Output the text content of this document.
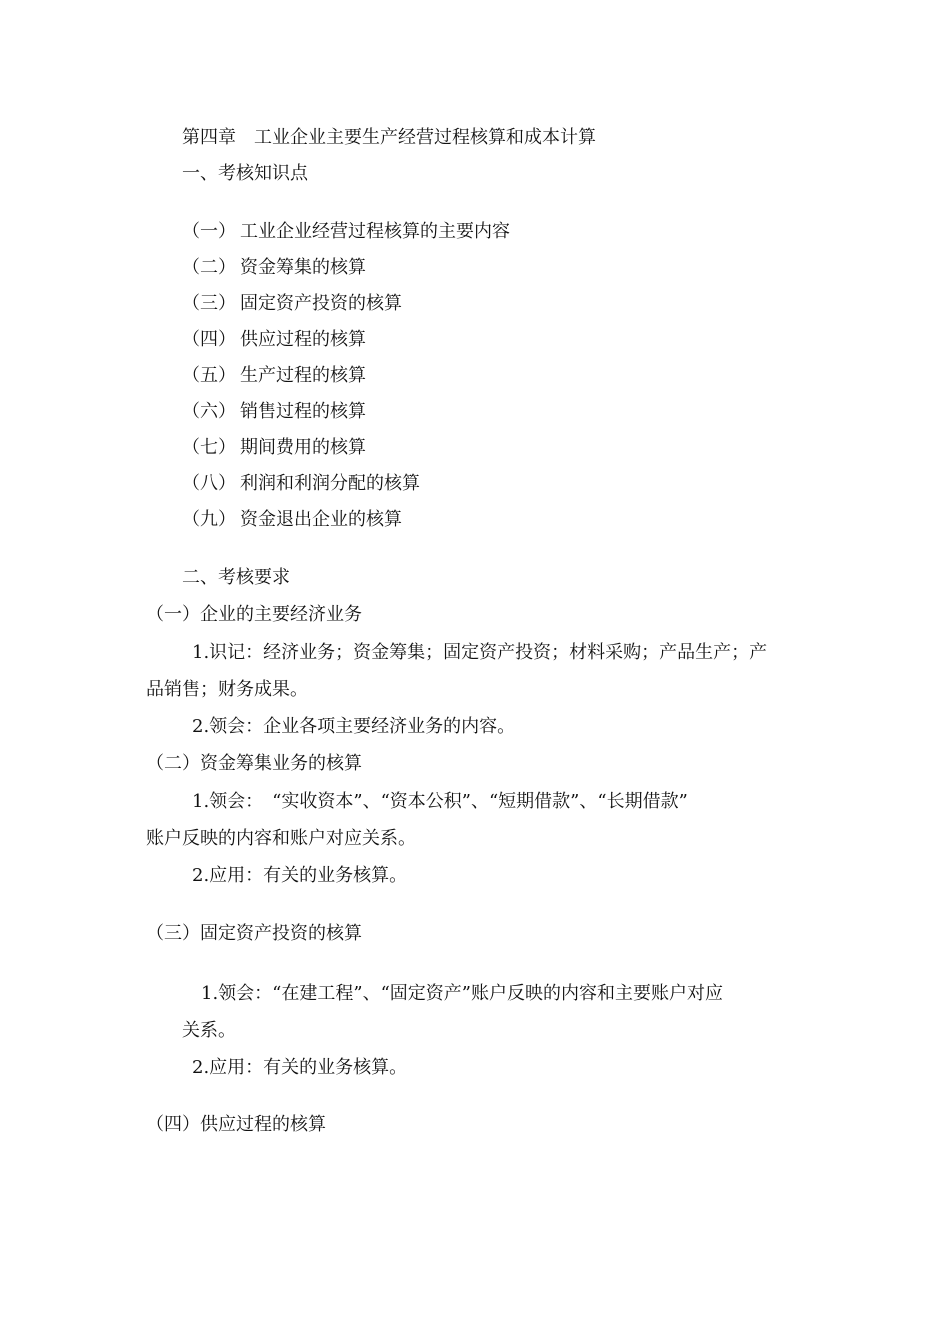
第四章　工业企业主要生产经营过程核算和成本计算
一、考核知识点
（一） 工业企业经营过程核算的主要内容
（二） 资金筹集的核算
（三） 固定资产投资的核算
（四） 供应过程的核算
（五） 生产过程的核算
（六） 销售过程的核算
（七） 期间费用的核算
（八） 利润和利润分配的核算
（九） 资金退出企业的核算
二、考核要求
（一）企业的主要经济业务
1.识记：经济业务；资金筹集；固定资产投资；材料采购；产品生产；产
品销售；财务成果。
2.领会：企业各项主要经济业务的内容。
（二）资金筹集业务的核算
1.领会：　“实收资本”、“资本公积”、“短期借款”、“长期借款”
账户反映的内容和账户对应关系。
2.应用：有关的业务核算。
（三）固定资产投资的核算
1.领会：“在建工程”、“固定资产”账户反映的内容和主要账户对应
关系。
2.应用：有关的业务核算。
（四）供应过程的核算
